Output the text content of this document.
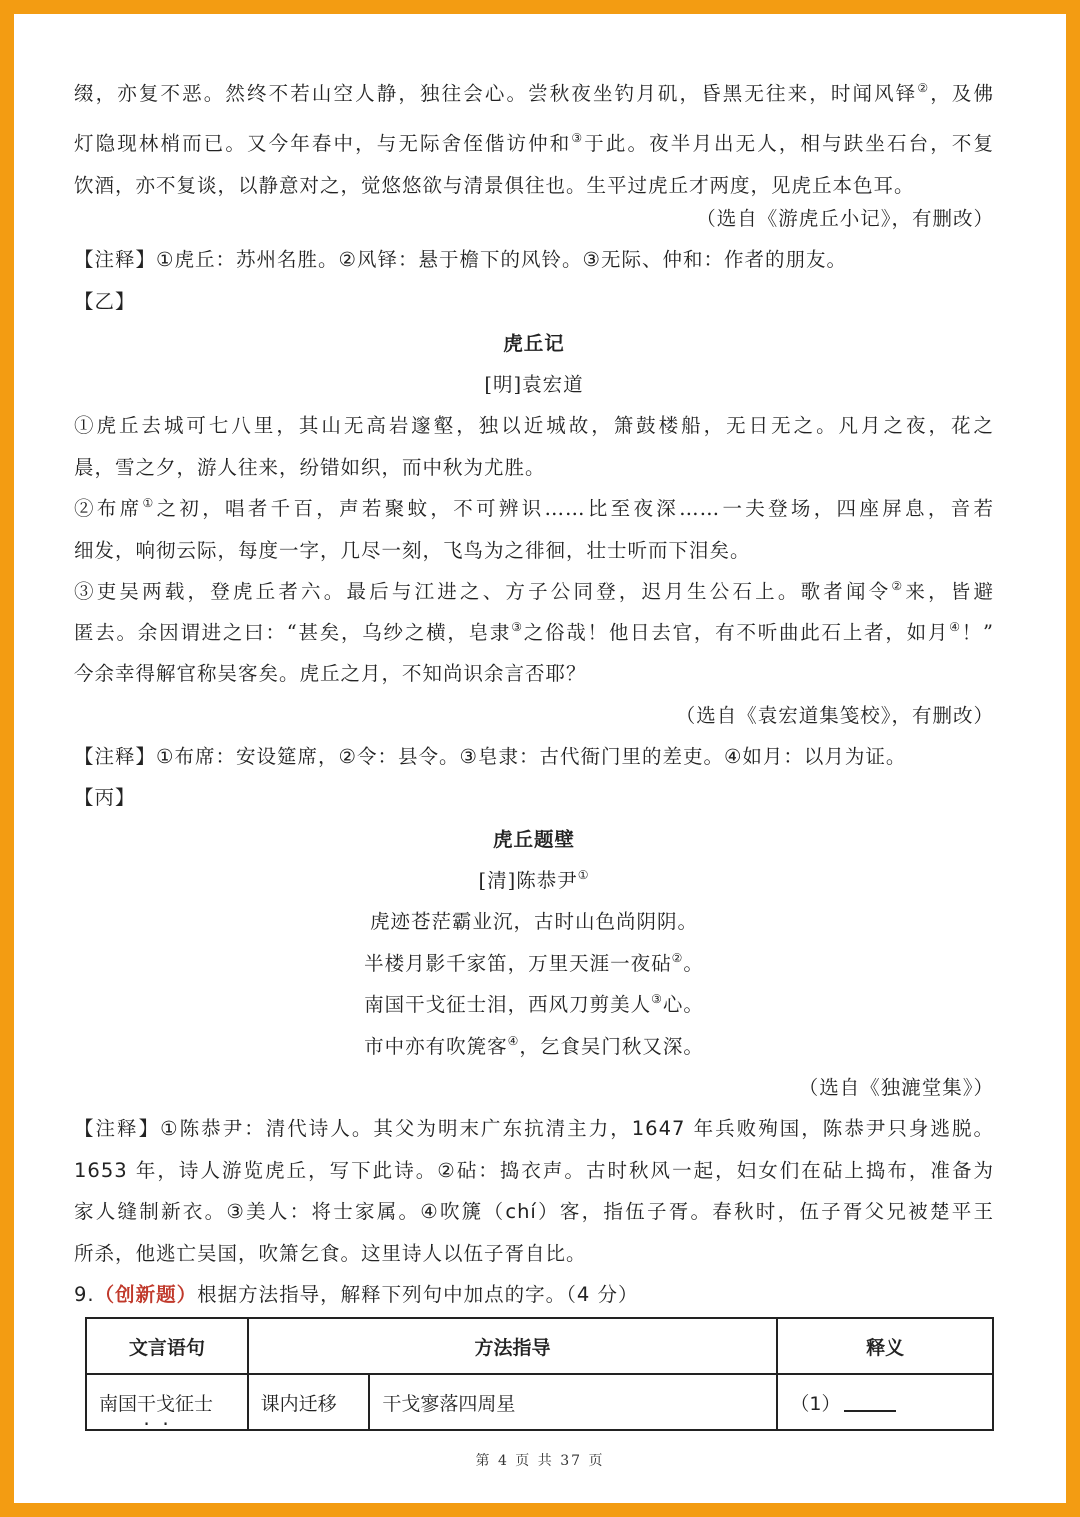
缀，亦复不恶。然终不若山空人静，独往会心。尝秋夜坐钓月矶，昏黑无往来，时闻风铎②，及佛
灯隐现林梢而已。又今年春中，与无际舍侄偕访仲和③于此。夜半月出无人，相与趺坐石台，不复
饮酒，亦不复谈，以静意对之，觉悠悠欲与清景俱往也。生平过虎丘才两度，见虎丘本色耳。
（选自《游虎丘小记》，有删改）
【注释】①虎丘：苏州名胜。②风铎：悬于檐下的风铃。③无际、仲和：作者的朋友。
【乙】
虎丘记
[明]袁宏道
①虎丘去城可七八里，其山无高岩邃壑，独以近城故，箫鼓楼船，无日无之。凡月之夜，花之
晨，雪之夕，游人往来，纷错如织，而中秋为尤胜。
②布席①之初，唱者千百，声若聚蚊，不可辨识……比至夜深……一夫登场，四座屏息，音若
细发，响彻云际，每度一字，几尽一刻，飞鸟为之徘徊，壮士听而下泪矣。
③吏吴两载，登虎丘者六。最后与江进之、方子公同登，迟月生公石上。歌者闻令②来，皆避
匿去。余因谓进之曰：“甚矣，乌纱之横，皂隶③之俗哉！他日去官，有不听曲此石上者，如月④！”
今余幸得解官称吴客矣。虎丘之月，不知尚识余言否耶？
（选自《袁宏道集笺校》，有删改）
【注释】①布席：安设筵席，②令：县令。③皂隶：古代衙门里的差吏。④如月：以月为证。
【丙】
虎丘题壁
[清]陈恭尹①
虎迹苍茫霸业沉，古时山色尚阴阴。
半楼月影千家笛，万里天涯一夜砧②。
南国干戈征士泪，西风刀剪美人③心。
市中亦有吹箎客④，乞食吴门秋又深。
（选自《独漉堂集》）
【注释】①陈恭尹：清代诗人。其父为明末广东抗清主力，1647 年兵败殉国，陈恭尹只身逃脱。
1653 年，诗人游览虎丘，写下此诗。②砧：捣衣声。古时秋风一起，妇女们在砧上捣布，准备为
家人缝制新衣。③美人：将士家属。④吹篪（chí）客，指伍子胥。春秋时，伍子胥父兄被楚平王
所杀，他逃亡吴国，吹箫乞食。这里诗人以伍子胥自比。
9.（创新题）根据方法指导，解释下列句中加点的字。（4 分）
文言语句	方法指导		释义
南国干戈征士	课内迁移	干戈寥落四周星	（1）
第 4 页 共 37 页
